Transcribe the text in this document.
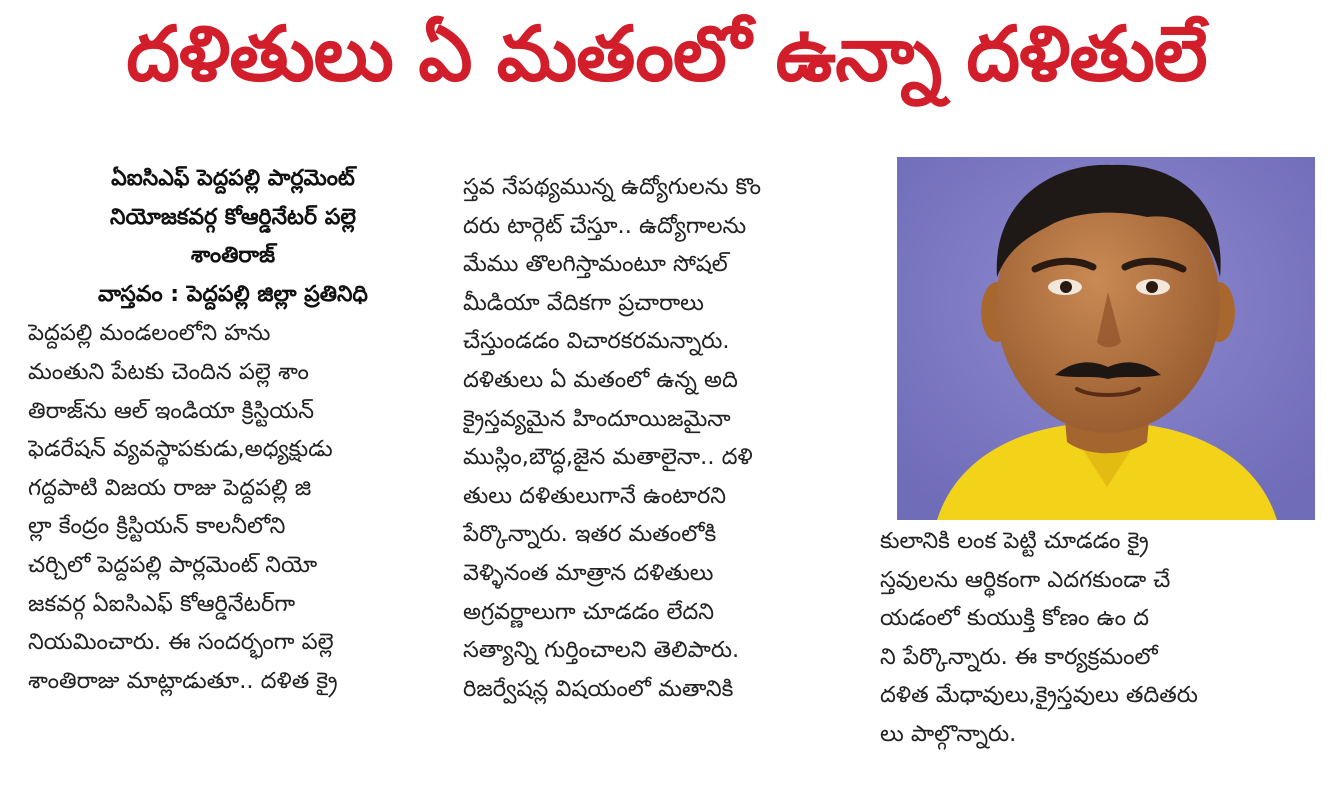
దళితులు ఏ మతంలో ఉన్నా దళితులే
ఏఐసిఎఫ్ పెద్దపల్లి పార్లమెంట్
నియోజకవర్గ కోఆర్డినేటర్ పల్లె
శాంతిరాజ్
వాస్తవం : పెద్దపల్లి జిల్లా ప్రతినిధి
పెద్దపల్లి మండలంలోని హను
మంతుని పేటకు చెందిన పల్లె శాం
తిరాజ్‌ను ఆల్ ఇండియా క్రిస్టియన్
ఫెడరేషన్ వ్యవస్థాపకుడు,అధ్యక్షుడు
గద్దపాటి విజయ రాజు పెద్దపల్లి జి
ల్లా కేంద్రం క్రిస్టియన్ కాలనీలోని
చర్చిలో పెద్దపల్లి పార్లమెంట్ నియో
జకవర్గ ఏఐసిఎఫ్ కోఆర్డినేటర్‌గా
నియమించారు. ఈ సందర్భంగా పల్లె
శాంతిరాజు మాట్లాడుతూ.. దళిత క్రై
స్తవ నేపథ్యమున్న ఉద్యోగులను కొం
దరు టార్గెట్ చేస్తూ.. ఉద్యోగాలను
మేము తొలగిస్తామంటూ సోషల్
మీడియా వేదికగా ప్రచారాలు
చేస్తుండడం విచారకరమన్నారు.
దళితులు ఏ మతంలో ఉన్న అది
క్రైస్తవ్యమైన హిందూయిజమైనా
ముస్లిం,బౌద్ధ,జైన మతాలైనా.. దళి
తులు దళితులుగానే ఉంటారని
పేర్కొన్నారు. ఇతర మతంలోకి
వెళ్ళినంత మాత్రాన దళితులు
అగ్రవర్ణాలుగా చూడడం లేదని
సత్యాన్ని గుర్తించాలని తెలిపారు.
రిజర్వేషన్ల విషయంలో మతానికి
కులానికి లంక పెట్టి చూడడం క్రై
స్తవులను ఆర్థికంగా ఎదగకుండా చే
యడంలో కుయుక్తి కోణం ఉం ద
ని పేర్కొన్నారు. ఈ కార్యక్రమంలో
దళిత మేధావులు,క్రైస్తవులు తదితరు
లు పాల్గొన్నారు.
